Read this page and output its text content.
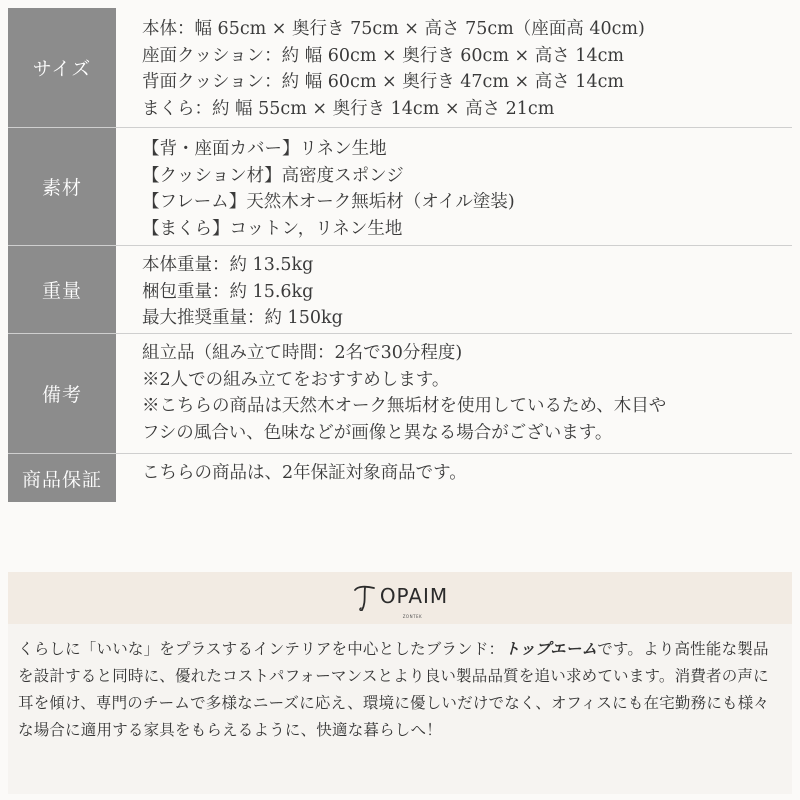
サイズ
本体：幅 65cm × 奥行き 75cm × 高さ 75cm（座面高 40cm)
座面クッション：約 幅 60cm × 奥行き 60cm × 高さ 14cm
背面クッション：約 幅 60cm × 奥行き 47cm × 高さ 14cm
まくら：約 幅 55cm × 奥行き 14cm × 高さ 21cm
素材
【背・座面カバー】リネン生地
【クッション材】高密度スポンジ
【フレーム】天然木オーク無垢材（オイル塗装)
【まくら】コットン，リネン生地
重量
本体重量：約 13.5kg
梱包重量：約 15.6kg
最大推奨重量：約 150kg
備考
組立品（組み立て時間：2名で30分程度)
※2人での組み立てをおすすめします。
※こちらの商品は天然木オーク無垢材を使用しているため、木目や
フシの風合い、色味などが画像と異なる場合がございます。
商品保証	こちらの商品は、2年保証対象商品です。
OPAIM
ZONTEK
くらしに「いいな」をプラスするインテリアを中心としたブランド：トップエームです。より高性能な製品を設計すると同時に、優れたコストパフォーマンスとより良い製品品質を追い求めています。消費者の声に耳を傾け、専門のチームで多様なニーズに応え、環境に優しいだけでなく、オフィスにも在宅勤務にも様々な場合に適用する家具をもらえるように、快適な暮らしへ！
